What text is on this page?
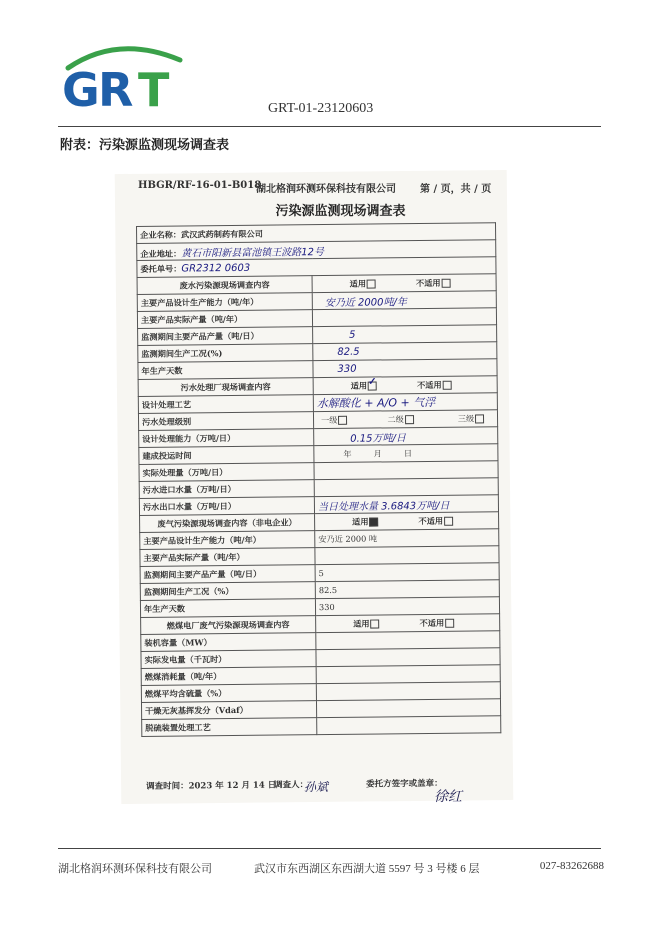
G
R T	GRT-01-23120603
附表：污染源监测现场调查表
HBGR/RF-16-01-B018
湖北格润环测环保科技有限公司 第 / 页，共 / 页
污染源监测现场调查表
企业名称：武汉武药制药有限公司	
企业地址：黄石市阳新县富池镇王波路12号	
委托单号：GR2312 0603	
废水污染源现场调查内容	适用 不适用
主要产品设计生产能力（吨/年）	安乃近 2000吨/年
主要产品实际产量（吨/年）	
监测期间主要产品产量（吨/日）	5
监测期间生产工况(%)	82.5
年生产天数	330
污水处理厂现场调查内容	适用 ✓ 不适用
设计处理工艺	水解酸化 + A/O + 气浮
污水处理级别	一级 二级 三级
设计处理能力（万吨/日）	0.15万吨/日
建成投运时间	年 月 日
实际处理量（万吨/日）	
污水进口水量（万吨/日）	
污水出口水量（万吨/日）	当日处理水量 3.6843万吨/日
废气污染源现场调查内容（非电企业）	适用 不适用
主要产品设计生产能力（吨/年）	安乃近 2000 吨
主要产品实际产量（吨/年）	
监测期间主要产品产量（吨/日）	5
监测期间生产工况（%）	82.5
年生产天数	330
燃煤电厂废气污染源现场调查内容	适用 不适用
装机容量（MW）	
实际发电量（千瓦时）	
燃煤消耗量（吨/年）	
燃煤平均含硫量（%）	
干燥无灰基挥发分（Vdaf）	
脱硫装置处理工艺	
调查时间：2023 年 12 月 14 日
调查人：	委托方签字或盖章：
孙斌
徐红
湖北格润环测环保科技有限公司	武汉市东西湖区东西湖大道 5597 号 3 号楼 6 层	027-83262688
